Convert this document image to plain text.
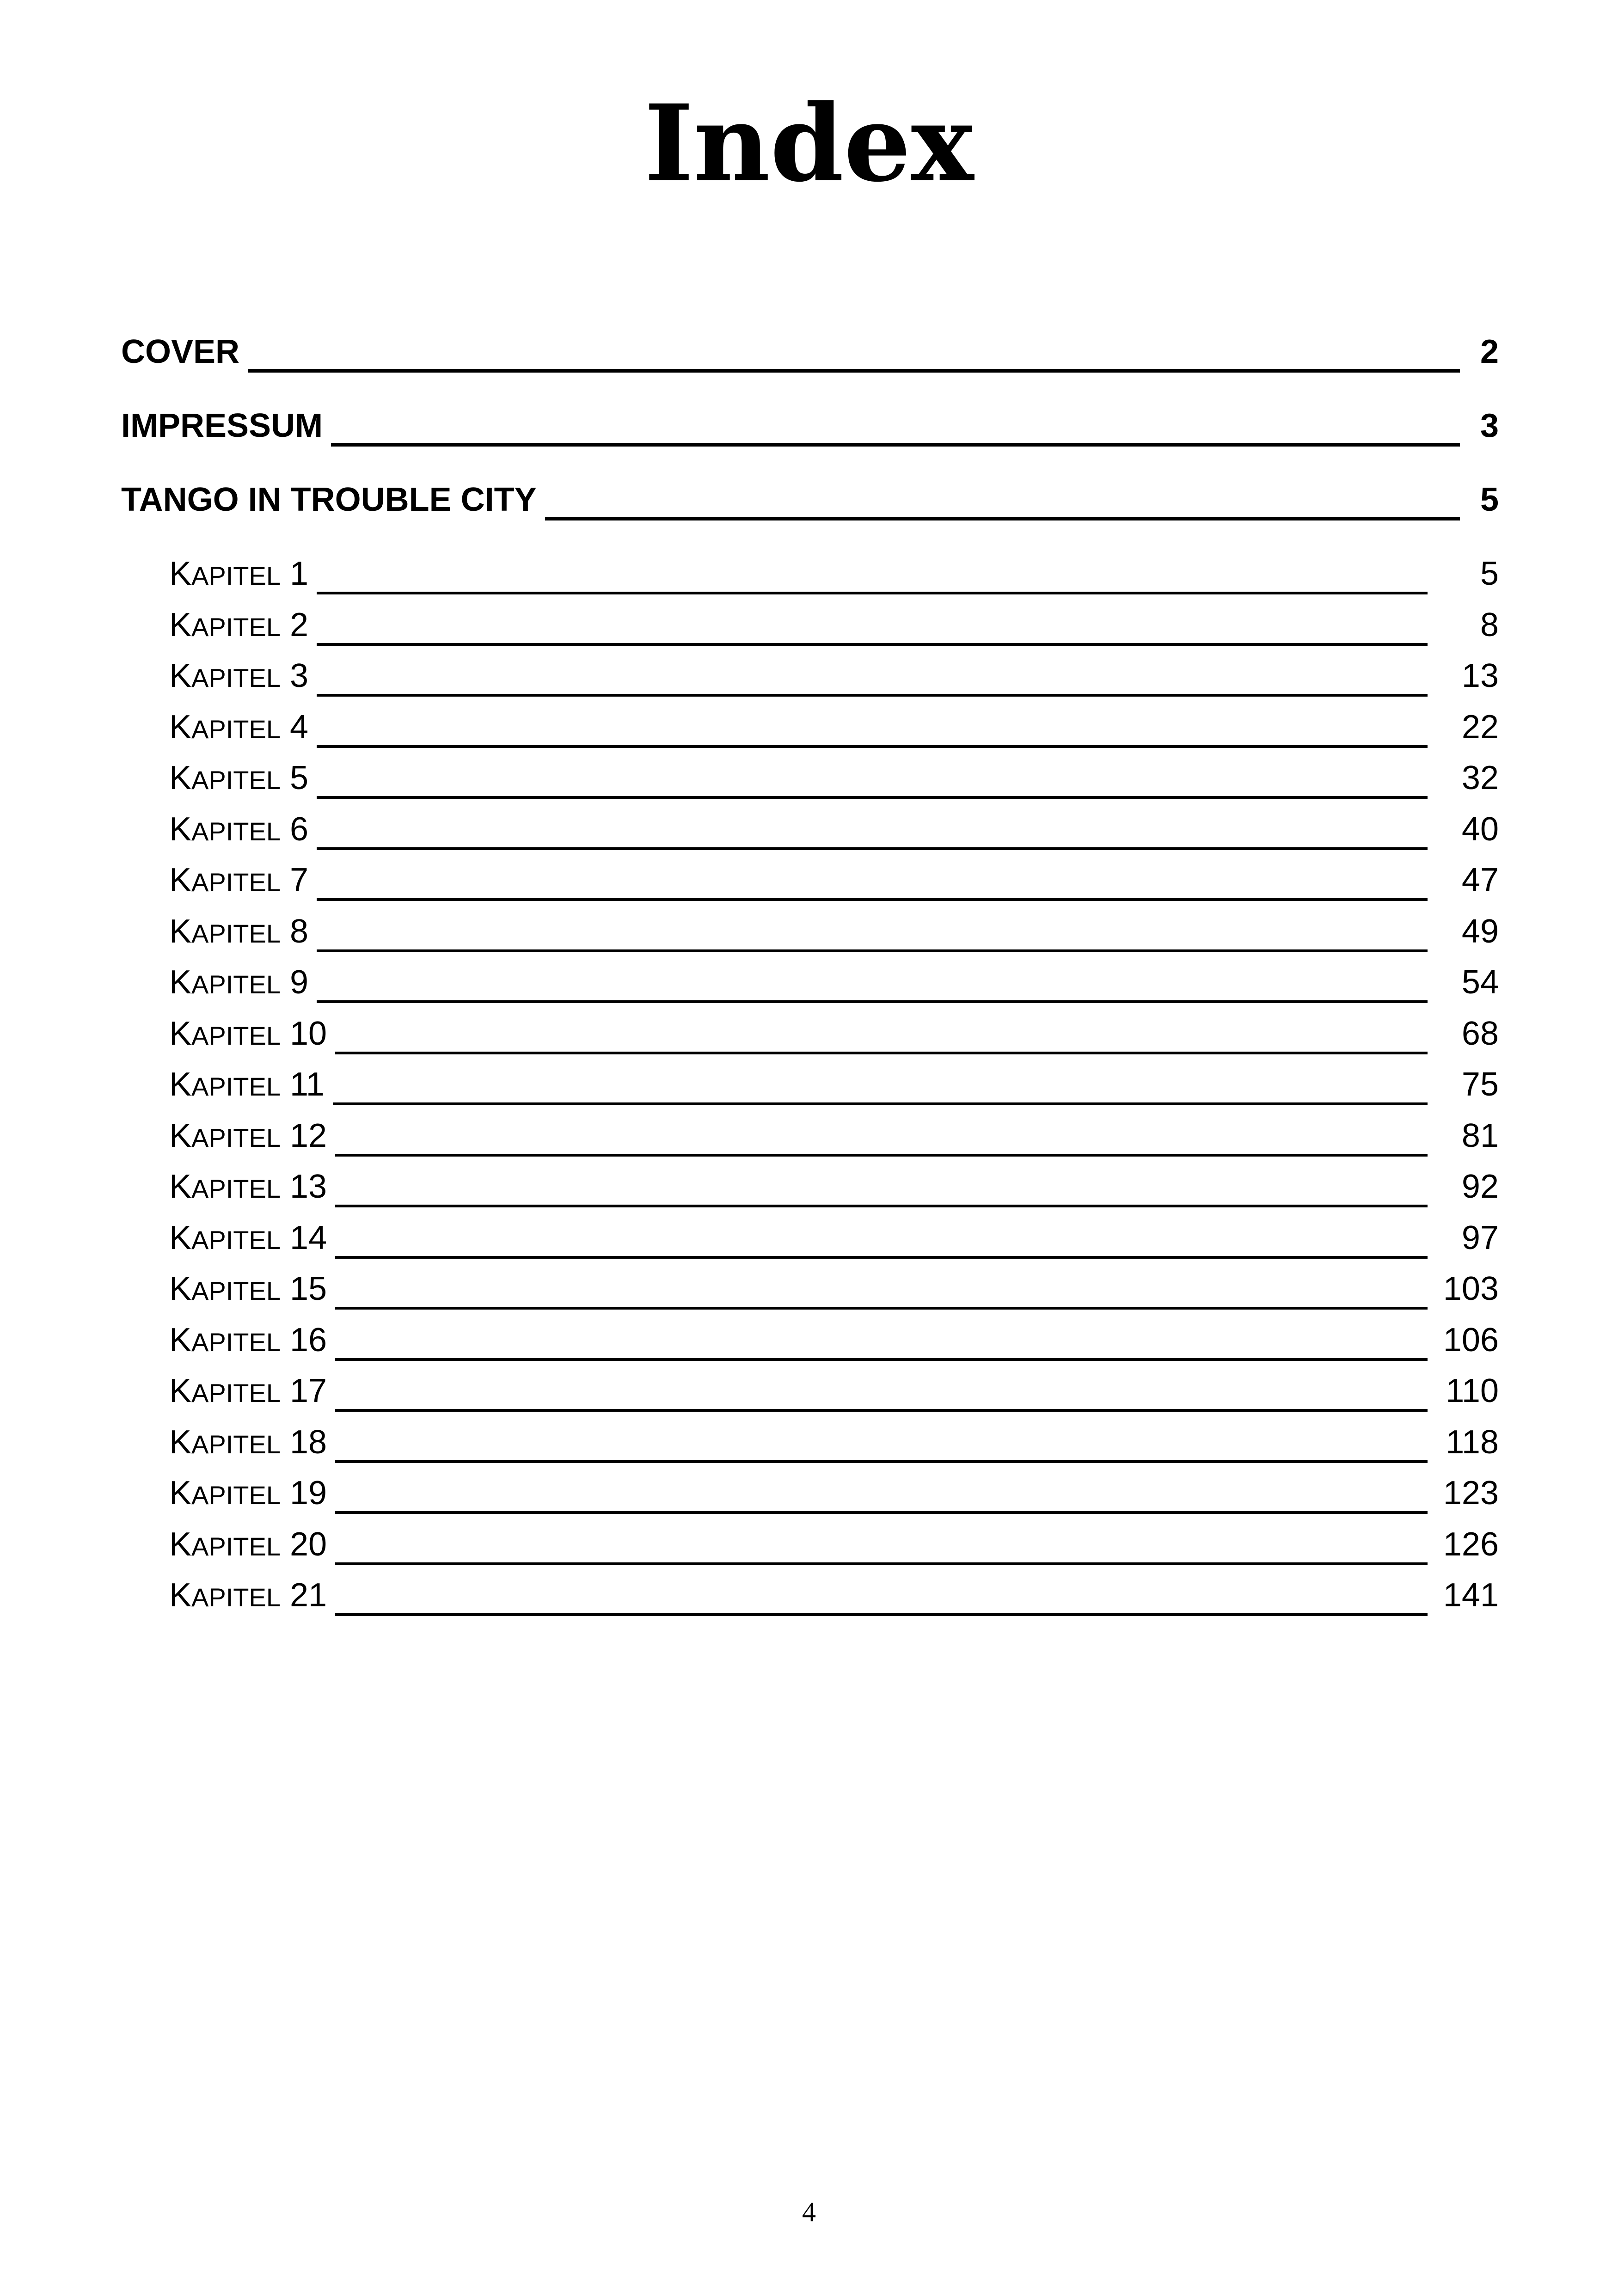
Index
COVER	2
IMPRESSUM	3
TANGO IN TROUBLE CITY	5
KAPITEL 1	5
KAPITEL 2	8
KAPITEL 3	13
KAPITEL 4	22
KAPITEL 5	32
KAPITEL 6	40
KAPITEL 7	47
KAPITEL 8	49
KAPITEL 9	54
KAPITEL 10	68
KAPITEL 11	75
KAPITEL 12	81
KAPITEL 13	92
KAPITEL 14	97
KAPITEL 15	103
KAPITEL 16	106
KAPITEL 17	110
KAPITEL 18	118
KAPITEL 19	123
KAPITEL 20	126
KAPITEL 21	141
4
